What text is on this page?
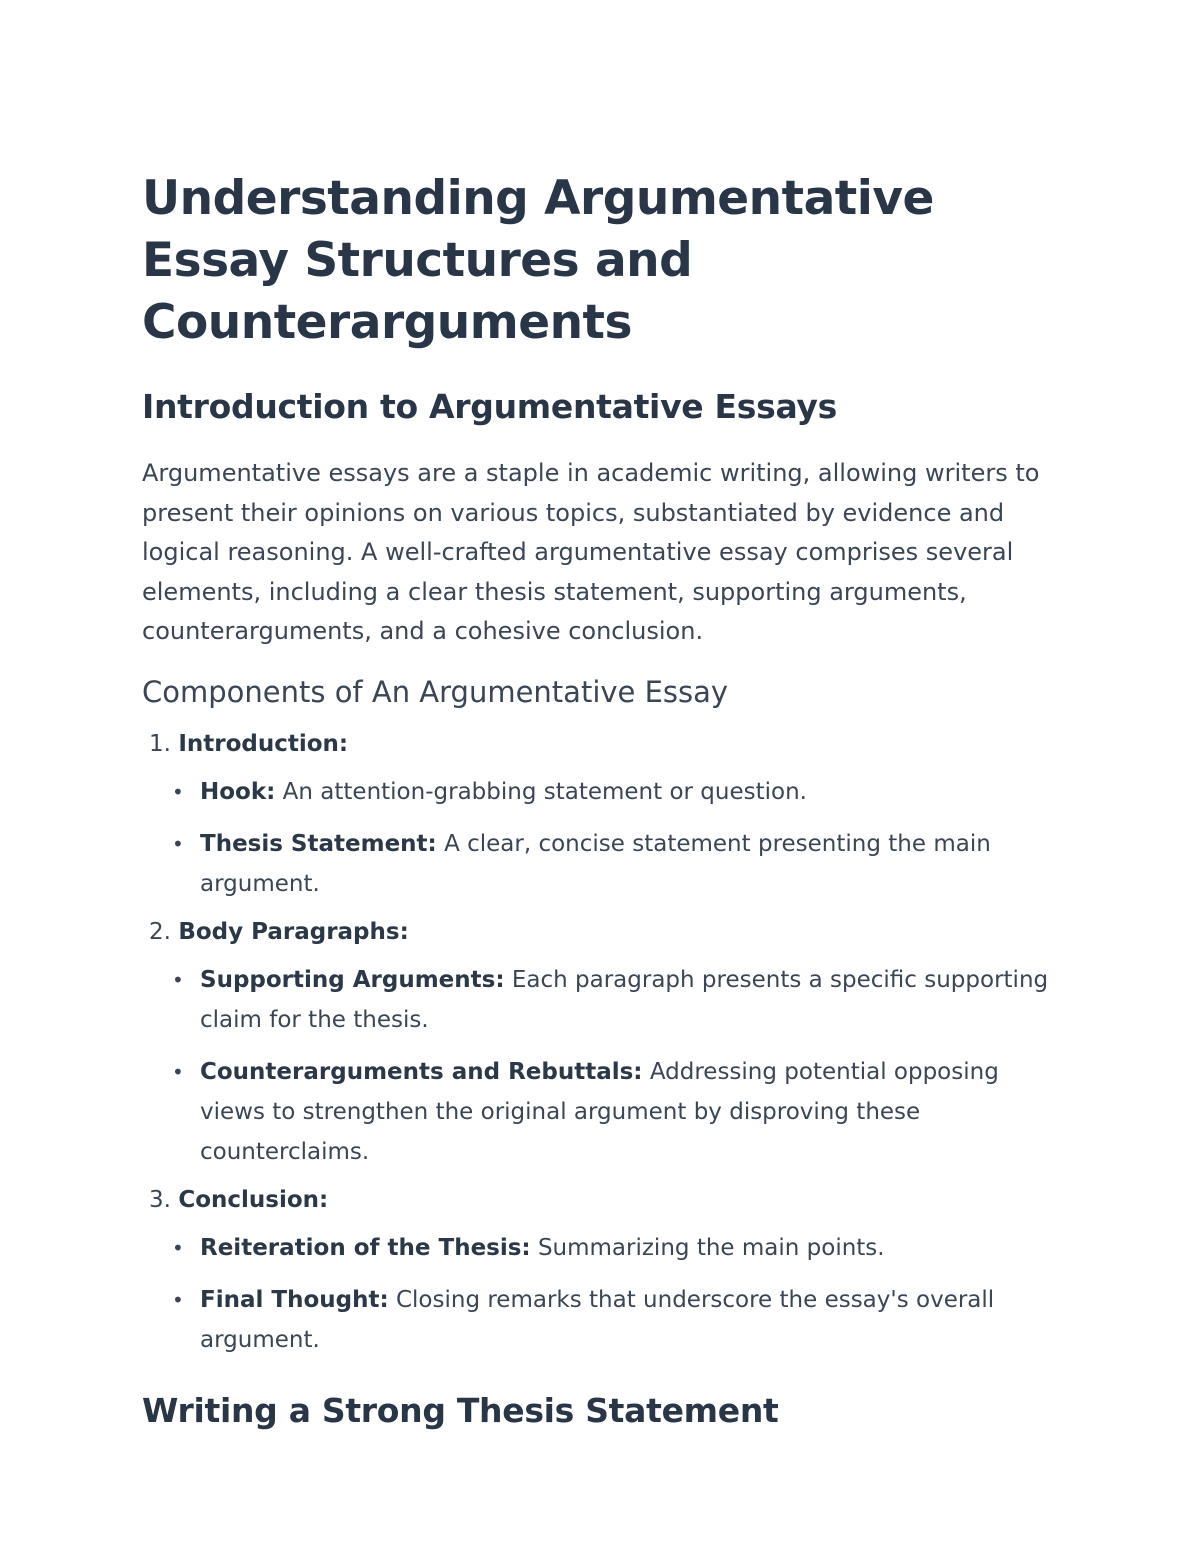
Understanding Argumentative Essay Structures and Counterarguments
Introduction to Argumentative Essays

Argumentative essays are a staple in academic writing, allowing writers to present their opinions on various topics, substantiated by evidence and logical reasoning. A well-crafted argumentative essay comprises several elements, including a clear thesis statement, supporting arguments, counterarguments, and a cohesive conclusion.

Components of An Argumentative Essay
1. Introduction:
• Hook: An attention-grabbing statement or question.
• Thesis Statement: A clear, concise statement presenting the main argument.
2. Body Paragraphs:
• Supporting Arguments: Each paragraph presents a specific supporting claim for the thesis.
• Counterarguments and Rebuttals: Addressing potential opposing views to strengthen the original argument by disproving these counterclaims.
3. Conclusion:
• Reiteration of the Thesis: Summarizing the main points.
• Final Thought: Closing remarks that underscore the essay's overall argument.
Writing a Strong Thesis Statement
